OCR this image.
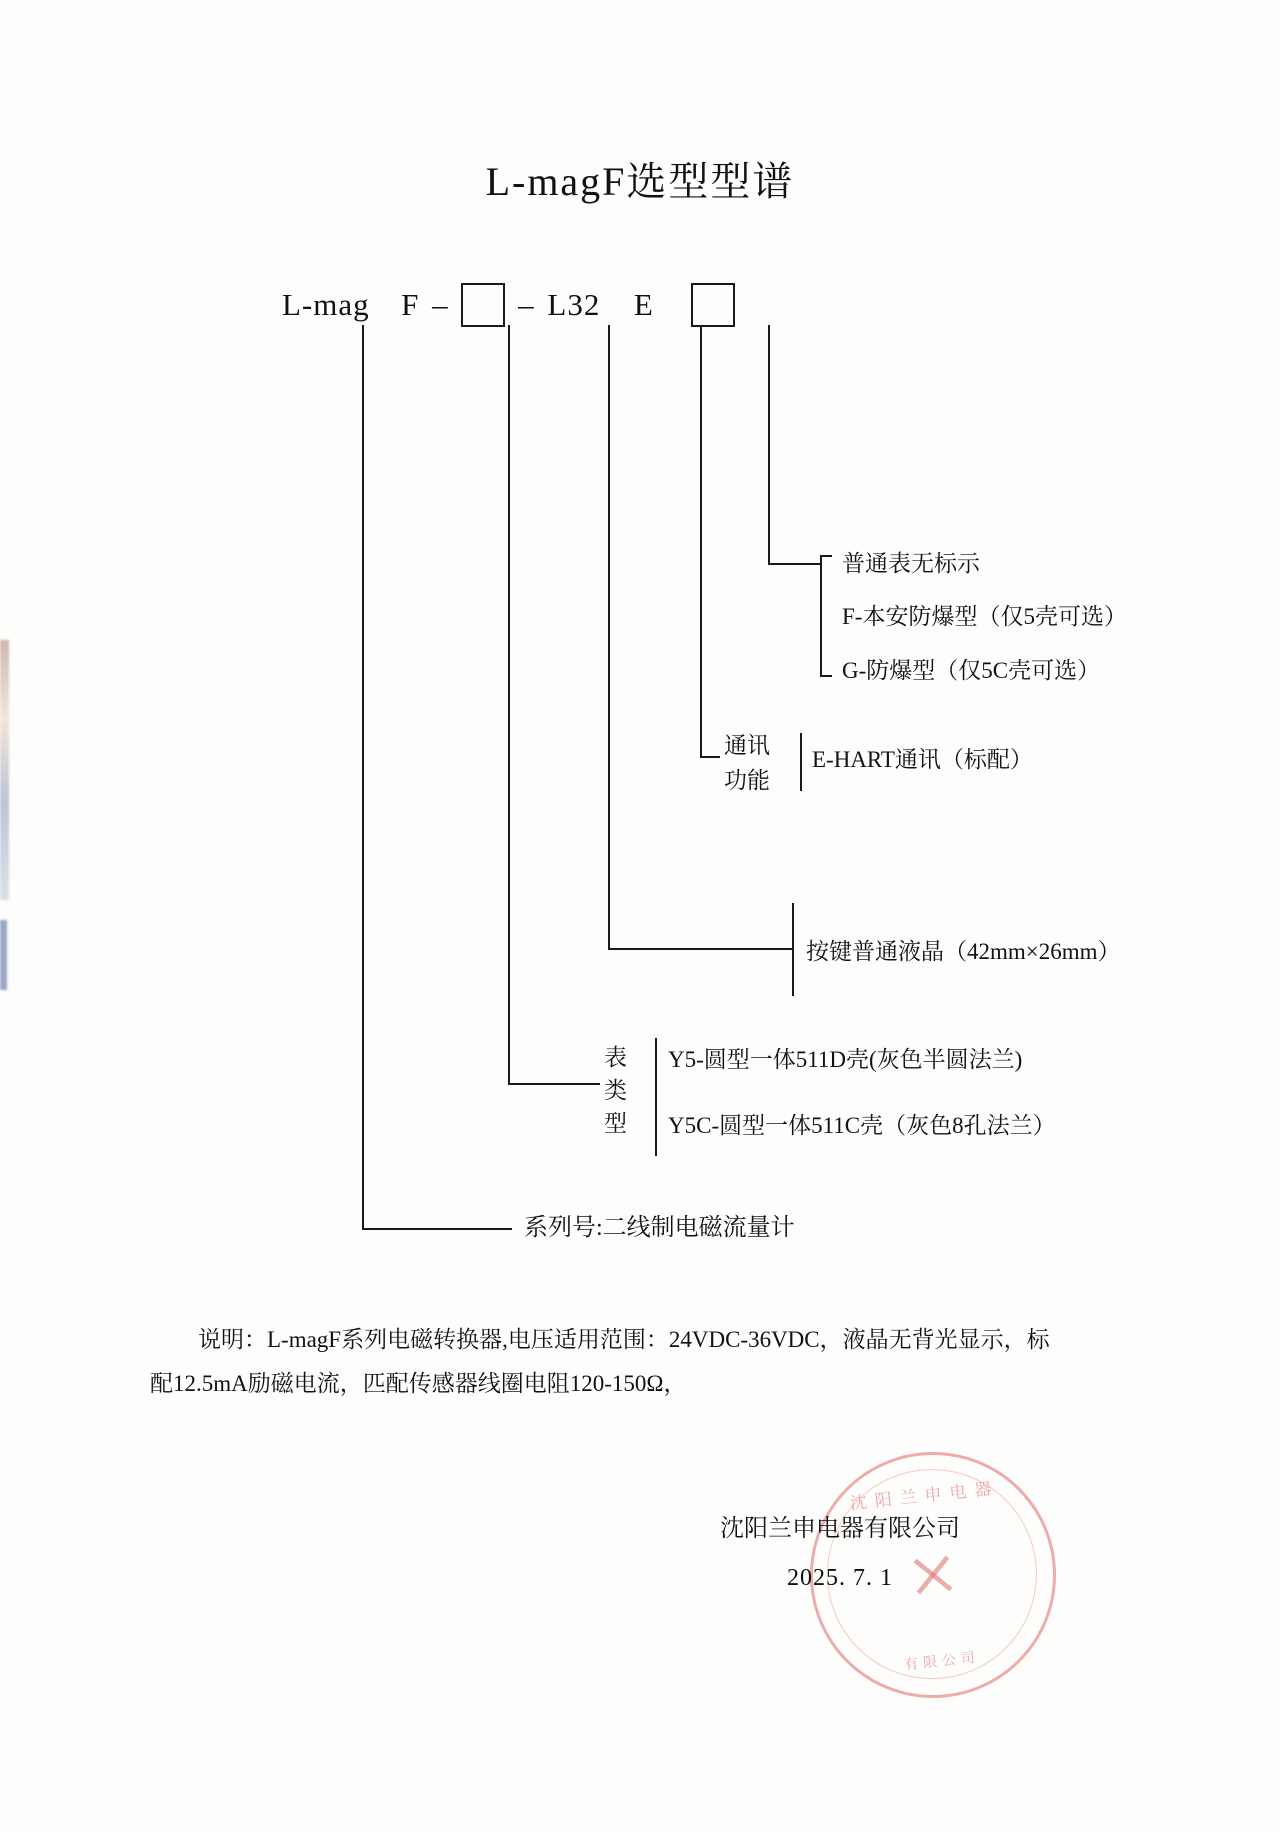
L-magF选型型谱
L-mag F – – L32 E
普通表无标示
F-本安防爆型（仅5壳可选）
G-防爆型（仅5C壳可选）
通讯
功能
E-HART通讯（标配）
按键普通液晶（42mm×26mm）
表
类
型
Y5-圆型一体511D壳(灰色半圆法兰)
Y5C-圆型一体511C壳（灰色8孔法兰）
系列号:二线制电磁流量计
说明：L-magF系列电磁转换器,电压适用范围：24VDC-36VDC，液晶无背光显示，标
配12.5mA励磁电流，匹配传感器线圈电阻120-150Ω，
沈阳兰申电器
有限公司
沈阳兰申电器有限公司
2025. 7. 1
